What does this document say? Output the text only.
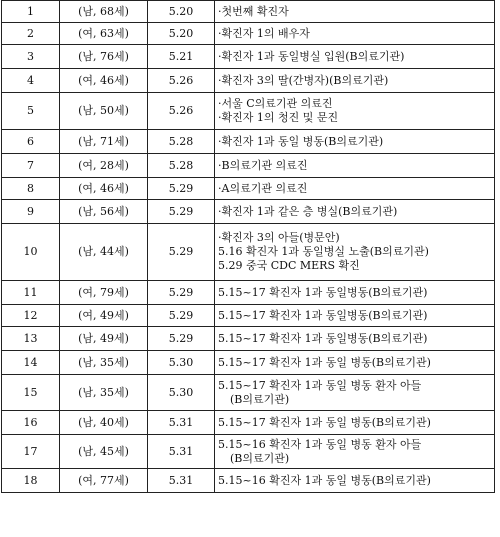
1	(남, 68세)	5.20	·첫번째 확진자

2	(여, 63세)	5.20	·확진자 1의 배우자

3	(남, 76세)	5.21	·확진자 1과 동일병실 입원(B의료기관)

4	(여, 46세)	5.26	·확진자 3의 딸(간병자)(B의료기관)

5	(남, 50세)	5.26	·서울 C의료기관 의료진
·확진자 1의 청진 및 문진

6	(남, 71세)	5.28	·확진자 1과 동일 병동(B의료기관)

7	(여, 28세)	5.28	·B의료기관 의료진

8	(여, 46세)	5.29	·A의료기관 의료진

9	(남, 56세)	5.29	·확진자 1과 같은 층 병실(B의료기관)

10	(남, 44세)	5.29	·확진자 3의 아들(병문안)
5.16 확진자 1과 동일병실 노출(B의료기관)
5.29 중국 CDC MERS 확진

11	(여, 79세)	5.29	5.15~17 확진자 1과 동일병동(B의료기관)

12	(여, 49세)	5.29	5.15~17 확진자 1과 동일병동(B의료기관)

13	(남, 49세)	5.29	5.15~17 확진자 1과 동일병동(B의료기관)

14	(남, 35세)	5.30	5.15~17 확진자 1과 동일 병동(B의료기관)

15	(남, 35세)	5.30	5.15~17 확진자 1과 동일 병동 환자 아들
(B의료기관)

16	(남, 40세)	5.31	5.15~17 확진자 1과 동일 병동(B의료기관)

17	(남, 45세)	5.31	5.15~16 확진자 1과 동일 병동 환자 아들
(B의료기관)

18	(여, 77세)	5.31	5.15~16 확진자 1과 동일 병동(B의료기관)
